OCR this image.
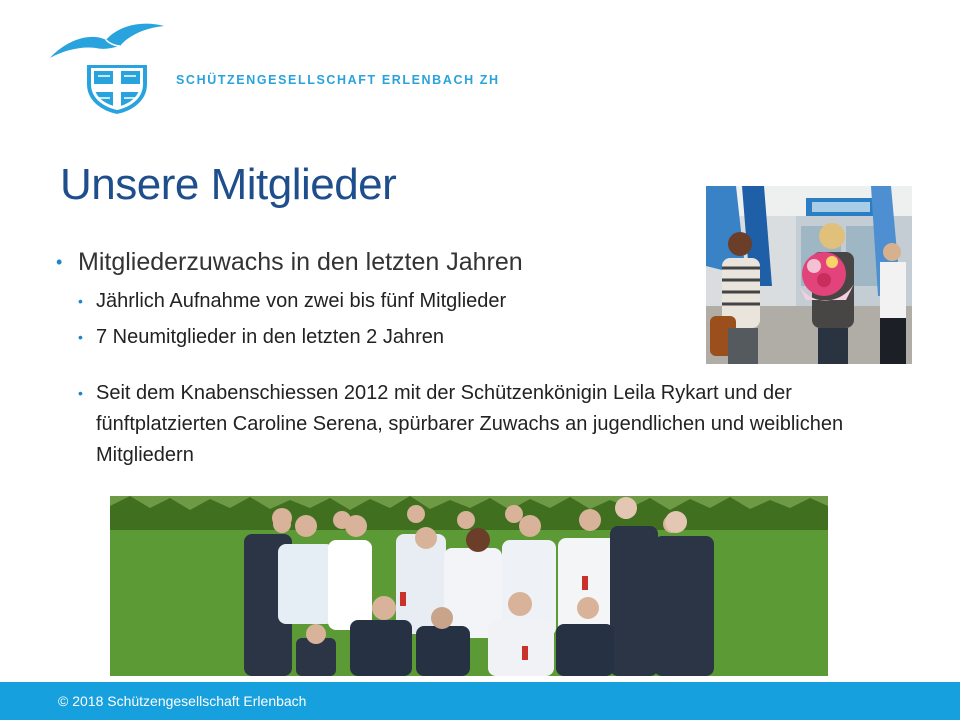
SCHÜTZENGESELLSCHAFT ERLENBACH ZH
Unsere Mitglieder
• Mitgliederzuwachs in den letzten Jahren
• Jährlich Aufnahme von zwei bis fünf Mitglieder
• 7 Neumitglieder in den letzten 2 Jahren
• Seit dem Knabenschiessen 2012 mit der Schützenkönigin Leila Rykart und der fünftplatzierten Caroline Serena, spürbarer Zuwachs an jugendlichen und weiblichen Mitgliedern
© 2018 Schützengesellschaft Erlenbach
